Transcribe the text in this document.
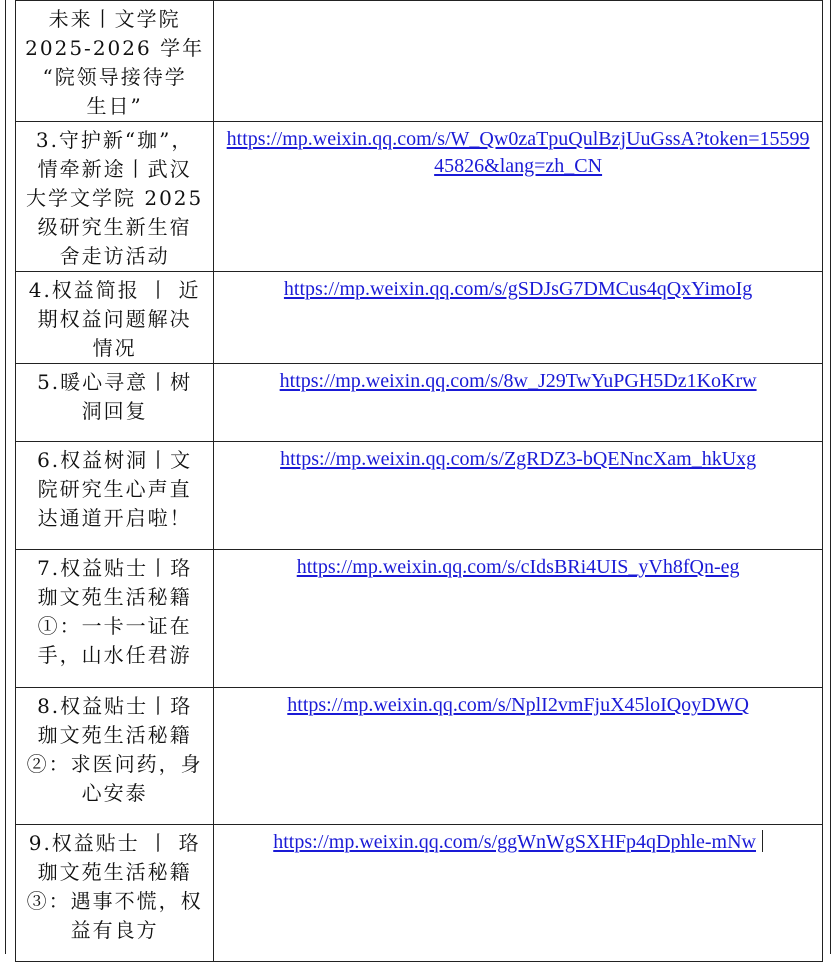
未来丨文学院
2025-2026 学年
“院领导接待学
生日”	
3.守护新“珈”，
情牵新途丨武汉
大学文学院 2025
级研究生新生宿
舍走访活动	https://mp.weixin.qq.com/s/W_Qw0zaTpuQulBzjUuGssA?token=1559945826&lang=zh_CN
4.权益简报 丨 近
期权益问题解决
情况	https://mp.weixin.qq.com/s/gSDJsG7DMCus4qQxYimoIg
5.暖心寻意丨树
洞回复	https://mp.weixin.qq.com/s/8w_J29TwYuPGH5Dz1KoKrw
6.权益树洞丨文
院研究生心声直
达通道开启啦！	https://mp.weixin.qq.com/s/ZgRDZ3-bQENncXam_hkUxg
7.权益贴士丨珞
珈文苑生活秘籍
①：一卡一证在
手，山水任君游	https://mp.weixin.qq.com/s/cIdsBRi4UIS_yVh8fQn-eg
8.权益贴士丨珞
珈文苑生活秘籍
②：求医问药，身
心安泰	https://mp.weixin.qq.com/s/NplI2vmFjuX45loIQoyDWQ
9.权益贴士 丨 珞
珈文苑生活秘籍
③：遇事不慌，权
益有良方	https://mp.weixin.qq.com/s/ggWnWgSXHFp4qDphle-mNw
